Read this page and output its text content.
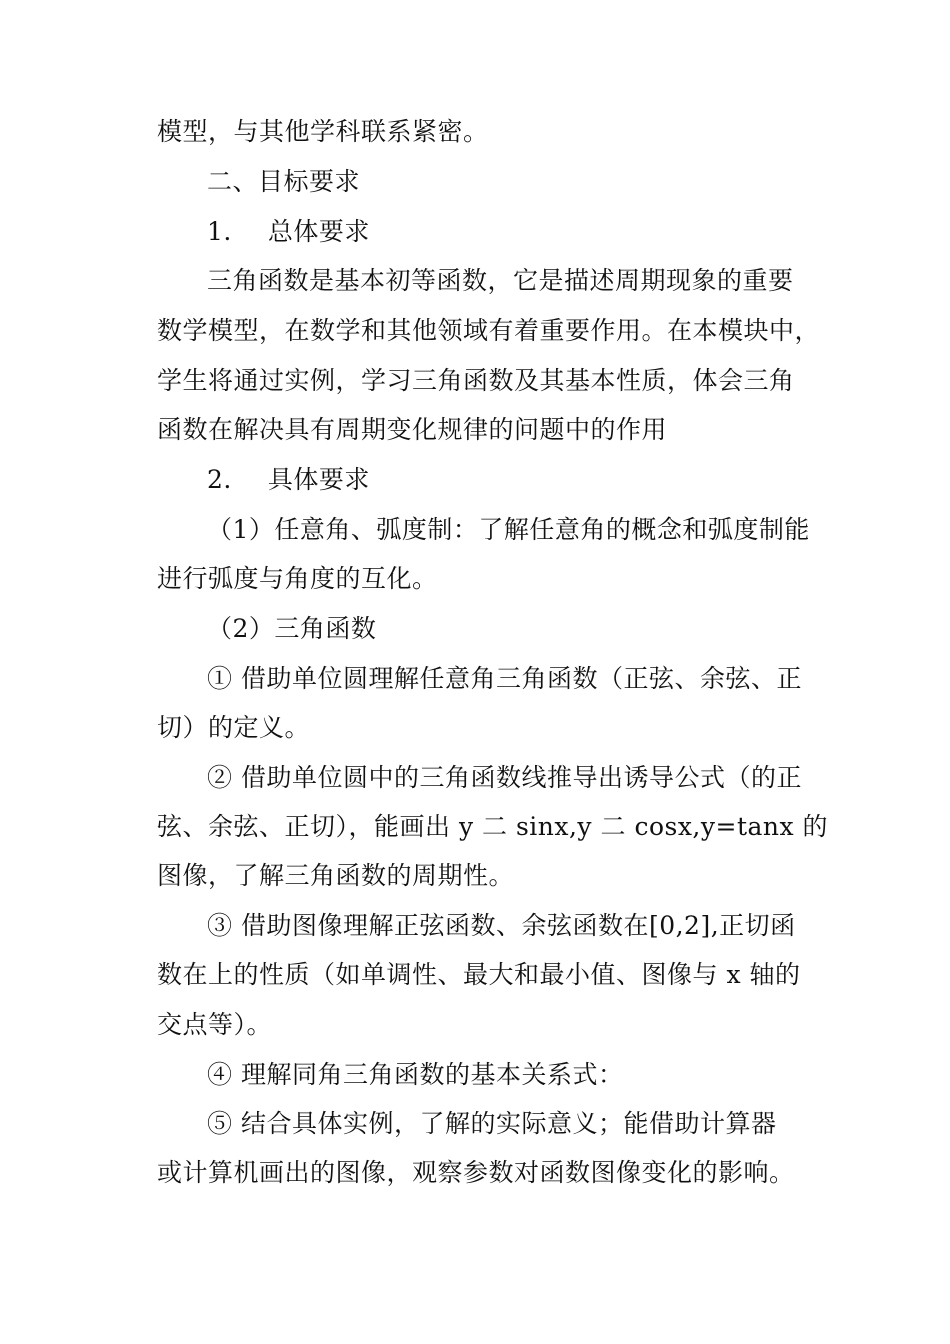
模型，与其他学科联系紧密。
二、目标要求
1. 总体要求
三角函数是基本初等函数，它是描述周期现象的重要
数学模型，在数学和其他领域有着重要作用。在本模块中，
学生将通过实例，学习三角函数及其基本性质，体会三角
函数在解决具有周期变化规律的问题中的作用
2. 具体要求
（1）任意角、弧度制：了解任意角的概念和弧度制能
进行弧度与角度的互化。
（2）三角函数
① 借助单位圆理解任意角三角函数（正弦、余弦、正
切）的定义。
② 借助单位圆中的三角函数线推导出诱导公式（的正
弦、余弦、正切），能画出 y 二 sinx,y 二 cosx,y=tanx 的
图像，了解三角函数的周期性。
③ 借助图像理解正弦函数、余弦函数在[0,2],正切函
数在上的性质（如单调性、最大和最小值、图像与 x 轴的
交点等）。
④ 理解同角三角函数的基本关系式：
⑤ 结合具体实例，了解的实际意义；能借助计算器
或计算机画出的图像，观察参数对函数图像变化的影响。
